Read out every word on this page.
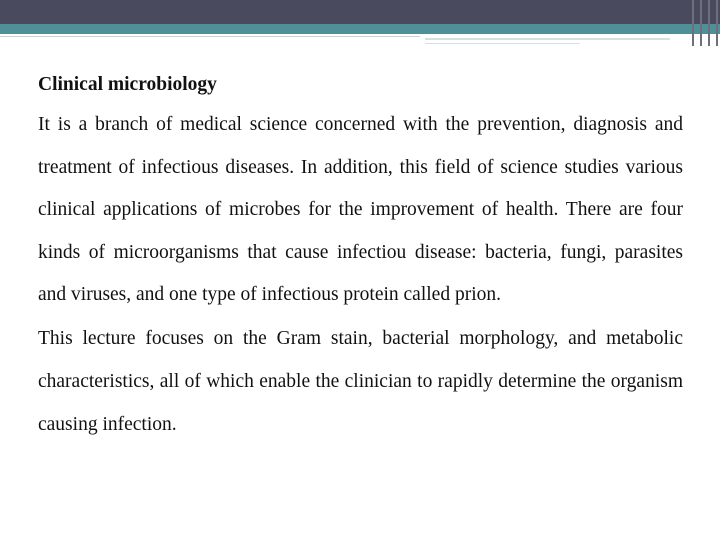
Clinical microbiology

It is a branch of medical science concerned with the prevention, diagnosis and treatment of infectious diseases. In addition, this field of science studies various clinical applications of microbes for the improvement of health. There are four kinds of microorganisms that cause infectiou disease: bacteria, fungi, parasites and viruses, and one type of infectious protein called prion.

This lecture focuses on the Gram stain, bacterial morphology, and metabolic characteristics, all of which enable the clinician to rapidly determine the organism causing infection.
